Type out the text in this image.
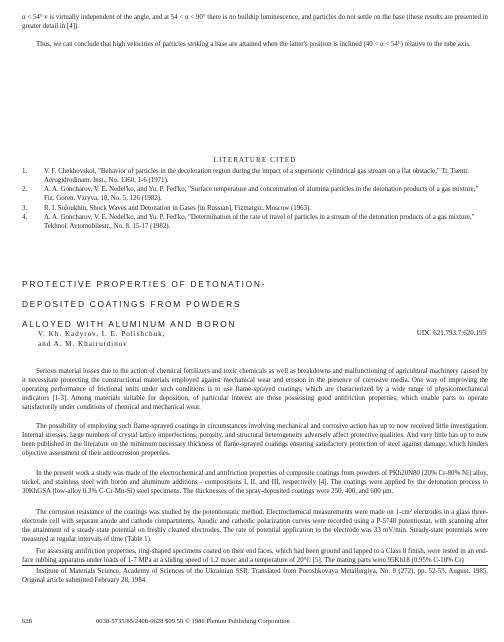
α < 54° v is virtually independent of the angle, and at 54 < α < 90° there is no buildup luminescence, and particles do not settle on the base (these results are presented in greater detail in [4]).

Thus, we can conclude that high velocities of particles striking a base are attained when the latter's position is inclined (40 < α < 54°) relative to the tube axis.

LITERATURE CITED

1. V. F. Chekhovskoi, "Behavior of particles in the deceleration region during the impact of a supersonic cylindrical gas stream on a flat obstacle," Tr. Tsentr. Aérogidrodinam. Inst., No. 1360, 1-6 (1971).
2. A. A. Goncharov, V. E. Nedel'ko, and Yu. P. Fed'ko, "Surface temperature and concentration of alumina particles in the detonation products of a gas mixture," Fiz. Goren. Vzryva, 18, No. 5, 126 (1982).
3. R. I. Soloukhin, Shock Waves and Detonation in Gases [in Russian], Fizmatgiz, Moscow (1963).
4. A. A. Goncharov, V. E. Nedel'ko, and Yu. P. Fed'ko, "Determination of the rate of travel of particles in a stream of the detonation products of a gas mixture," Tekhnol. Avtomobilestr., No. 8, 15-17 (1982).
PROTECTIVE PROPERTIES OF DETONATION-
DEPOSITED COATINGS FROM POWDERS
ALLOYED WITH ALUMINUM AND BORON
V. Kh. Kadyrov, I. E. Polishchuk,
and A. M. Khairutdinov

UDC 621.793.7:620.193

Serious material losses due to the action of chemical fertilizers and toxic chemicals as well as breakdowns and malfunctioning of agricultural machinery caused by it necessitate protecting the constructional materials employed against mechanical wear and erosion in the presence of corrosive media. One way of improving the operating performance of frictional units under such conditions is to use flame-sprayed coatings, which are characterized by a wide range of physicomechanical indicators [1-3]. Among materials suitable for deposition, of particular interest are those possessing good antifriction properties, which enable parts to operate satisfactorily under conditions of chemical and mechanical wear.

The possibility of employing such flame-sprayed coatings in circumstances involving mechanical and corrosive action has up to now received little investigation. Internal stresses, large numbers of crystal lattice imperfections, porosity, and structural heterogeneity adversely affect protective qualities. And very little has up to now been published in the literature on the minimum necessary thickness of flame-sprayed coatings ensuring satisfactory protection of steel against damage, which hinders objective assessment of their anticorrosion properties.

In the present work a study was made of the electrochemical and antifriction properties of composite coatings from powders of PKh20N80 (20% Cr-80% Ni) alloy, nickel, and stainless steel with boron and aluminum additions - compositions I, II, and III, respectively [4]. The coatings were applied by the detonation process to 30KhGSA (low-alloy 0.3% C-Cr-Mn-Si) steel specimens. The thicknesses of the spray-deposited coatings were 250, 400, and 600 μm.

The corrosion resistance of the coatings was studied by the potentiostatic method. Electrochemical measurements were made on 1-cm² electrodes in a glass three-electrode cell with separate anode and cathode compartments. Anodic and cathodic polarization curves were recorded using a P-5748 potentiostat, with scanning after the attainment of a steady-state potential on freshly cleaned electrodes. The rate of potential application to the electrode was 33 mV/min. Steady-state potentials were measured at regular intervals of time (Table 1).

For assessing antifriction properties, ring-shaped specimens coated on their end faces, which had been ground and lapped to a Class 8 finish, were tested in an end-face rubbing apparatus under loads of 1-7 MPa at a sliding speed of 1.2 m/sec and a temperature of 20°C [5]. The mating parts were 95Kh18 (0.95% C-18% Cr)

Institute of Materials Science, Academy of Sciences of the Ukrainian SSR. Translated from Poroshkovaya Metallurgiya, No. 8 (272), pp. 52-55, August, 1985. Original article submitted February 28, 1984.

628	0038-5735/85/2408-0628 $09.50 © 1986 Plenum Publishing Corporation
